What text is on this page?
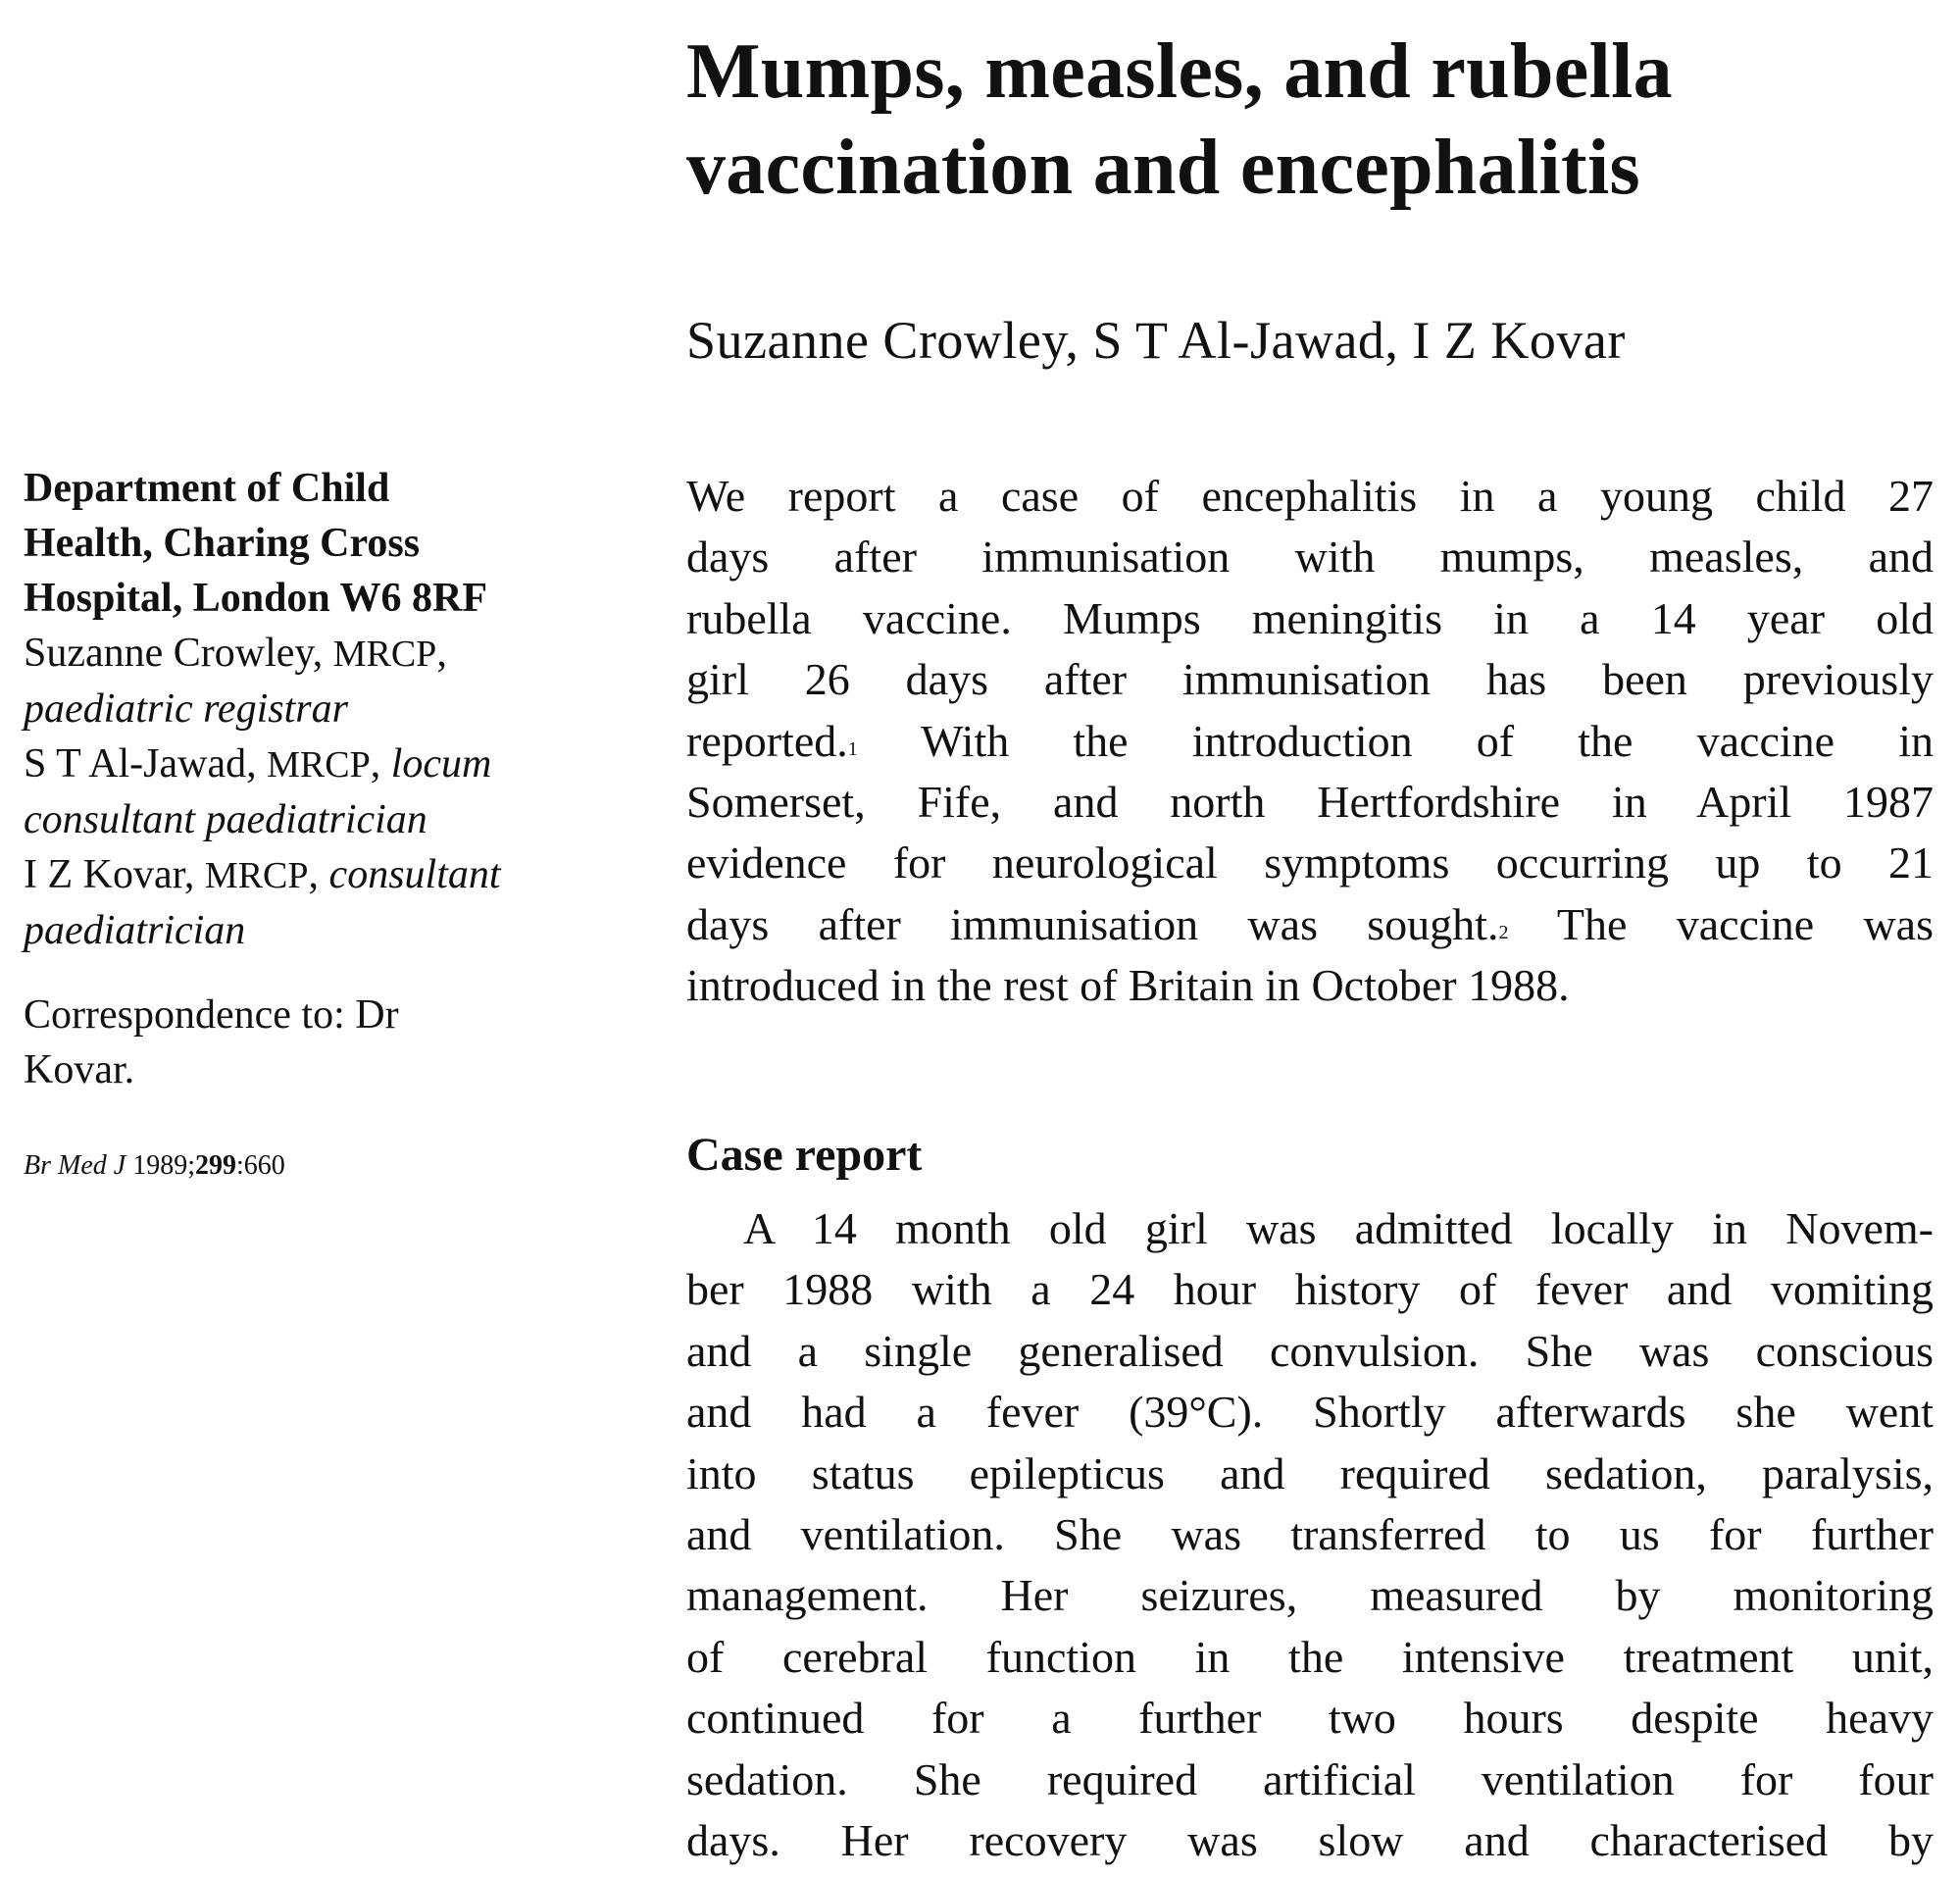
Mumps, measles, and rubella
vaccination and encephalitis

Suzanne Crowley, S T Al-Jawad, I Z Kovar

Department of Child
Health, Charing Cross
Hospital, London W6 8RF
Suzanne Crowley, MRCP,
paediatric registrar
S T Al-Jawad, MRCP, locum
consultant paediatrician
I Z Kovar, MRCP, consultant
paediatrician
Correspondence to: Dr
Kovar.
Br Med J 1989;299:660
We report a case of encephalitis in a young child 27
days after immunisation with mumps, measles, and
rubella vaccine. Mumps meningitis in a 14 year old
girl 26 days after immunisation has been previously
reported.$^1$ With the introduction of the vaccine in
Somerset, Fife, and north Hertfordshire in April 1987
evidence for neurological symptoms occurring up to 21
days after immunisation was sought.$^2$ The vaccine was
introduced in the rest of Britain in October 1988.
Case report
A 14 month old girl was admitted locally in Novem-
ber 1988 with a 24 hour history of fever and vomiting
and a single generalised convulsion. She was conscious
and had a fever (39°C). Shortly afterwards she went
into status epilepticus and required sedation, paralysis,
and ventilation. She was transferred to us for further
management. Her seizures, measured by monitoring
of cerebral function in the intensive treatment unit,
continued for a further two hours despite heavy
sedation. She required artificial ventilation for four
days. Her recovery was slow and characterised by
